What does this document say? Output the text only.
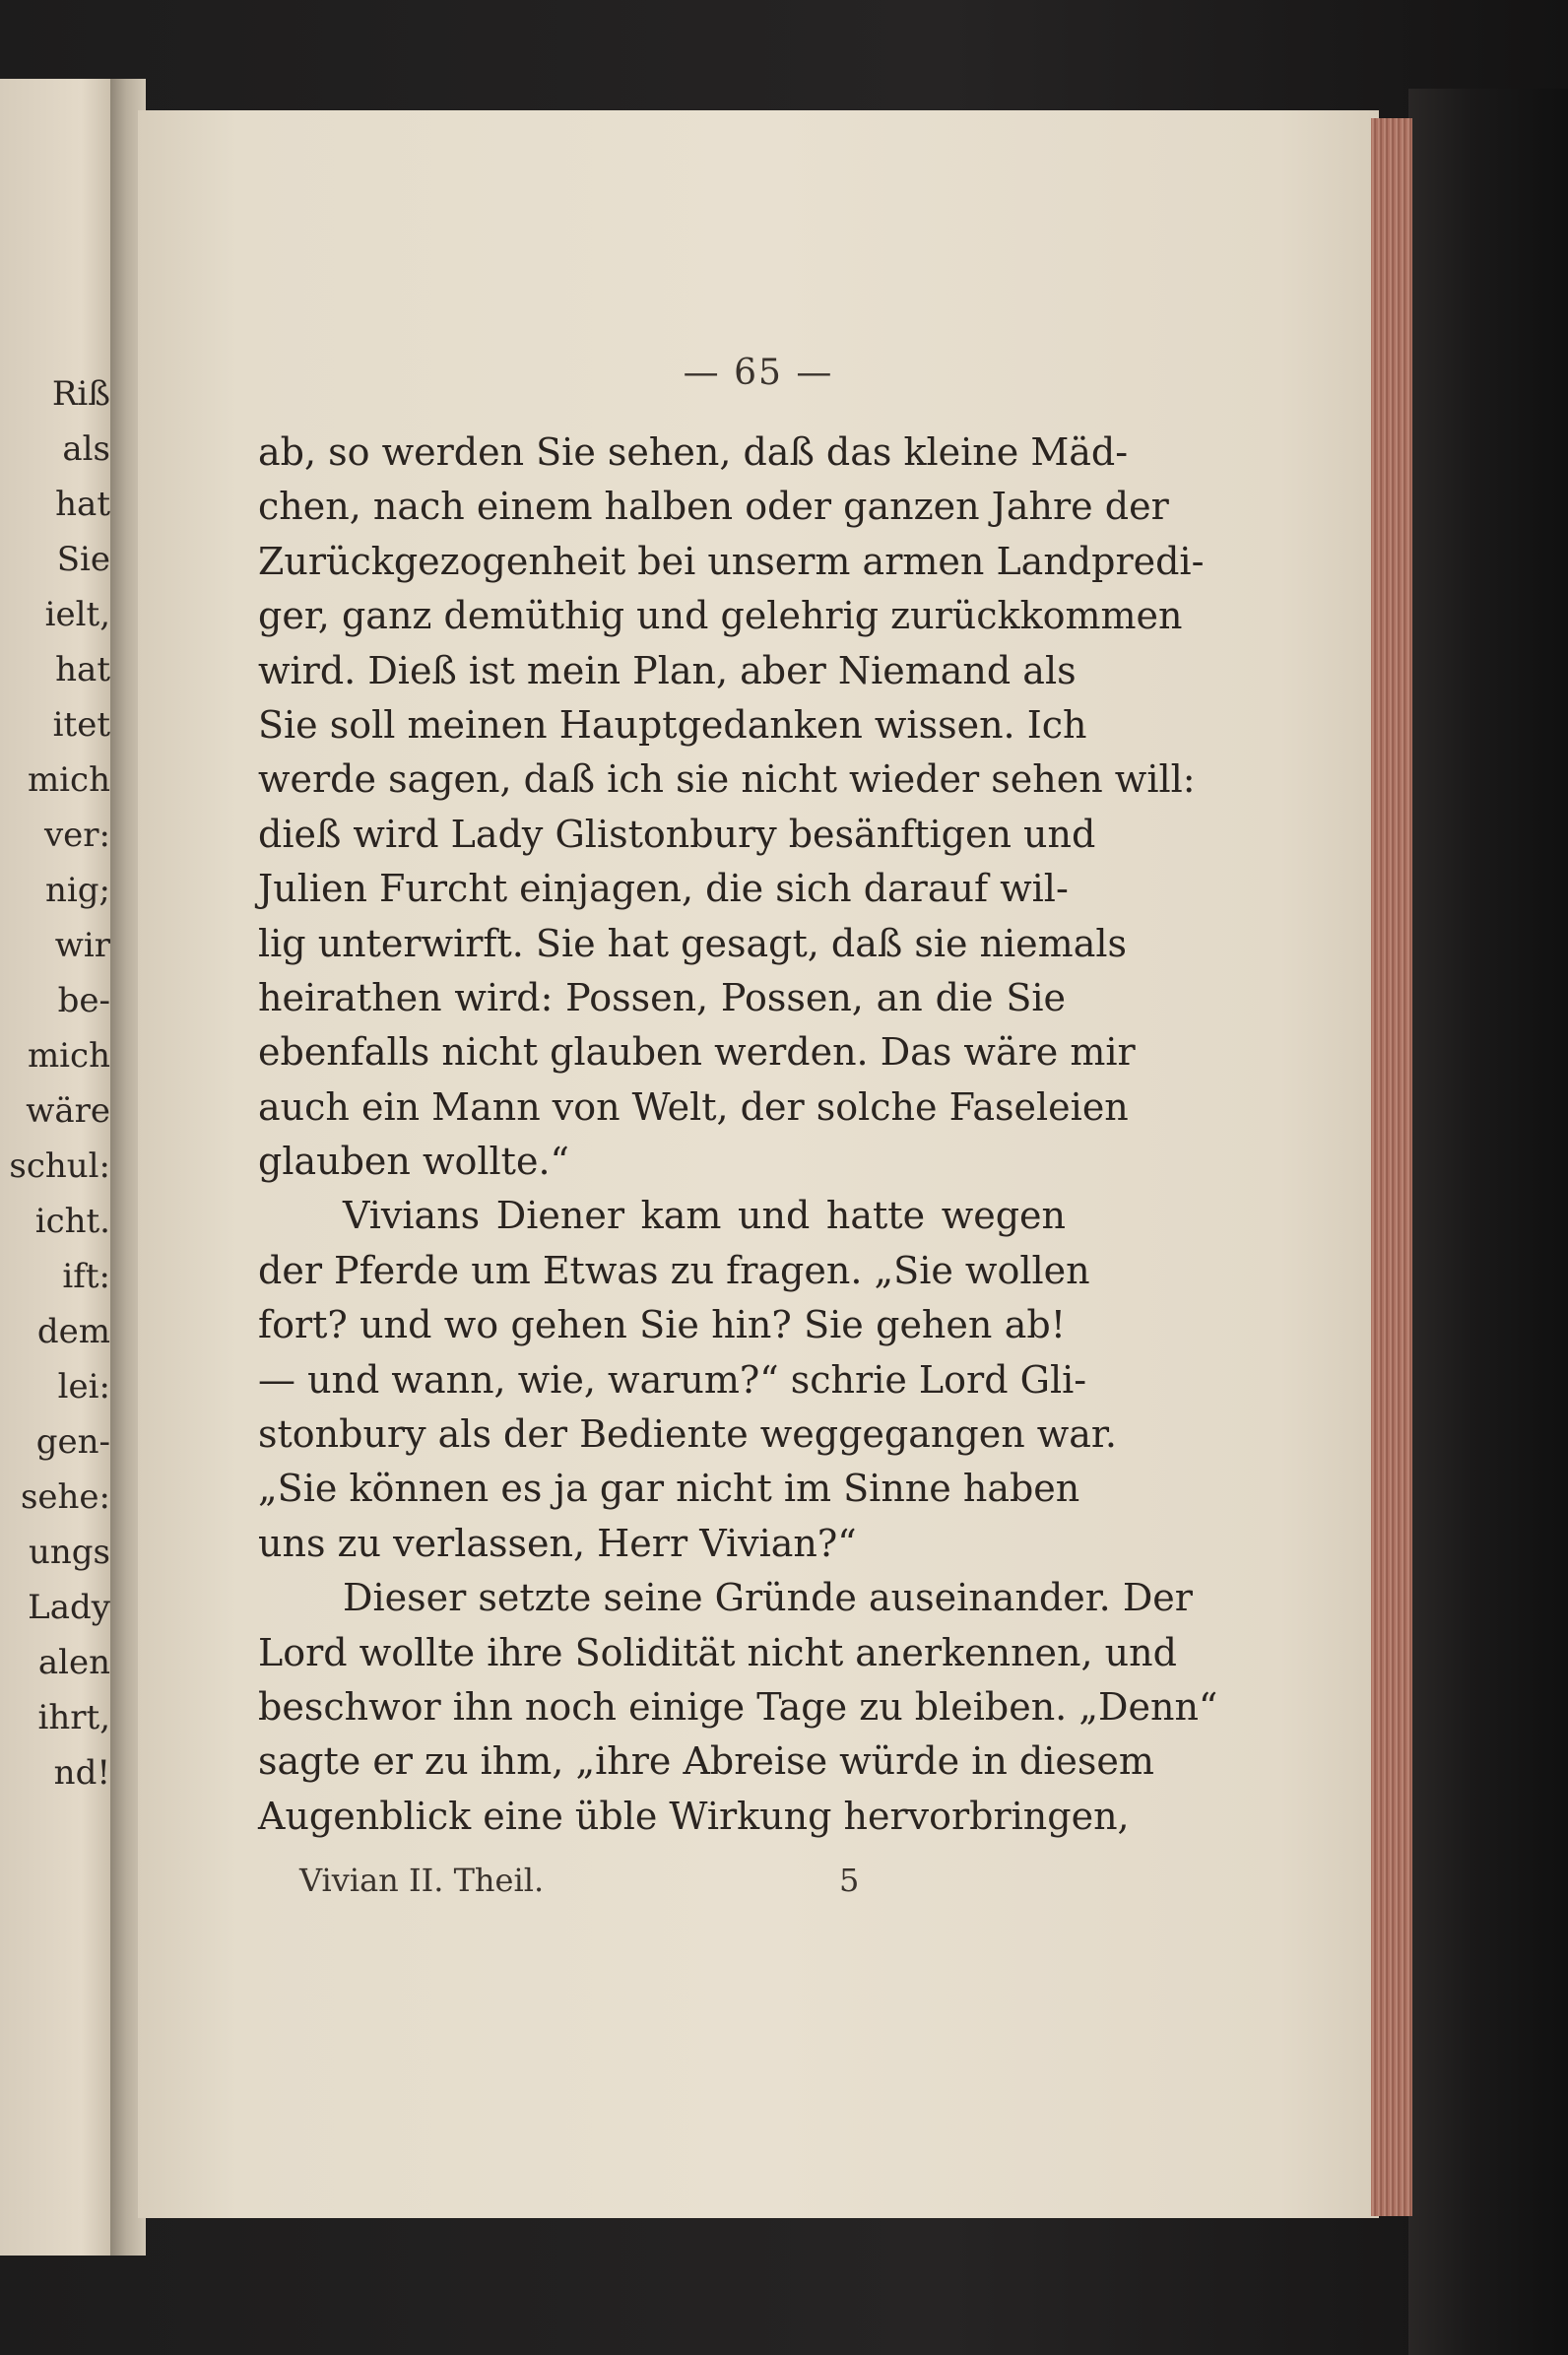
Riß
als
hat
Sie
ielt,
hat
itet
mich
ver:
nig;
wir
be-
mich
wäre
schul:
icht.
ift:
dem
lei:
gen-
sehe:
ungs
Lady
alen
ihrt,
nd!
— 65 —
ab, so werden Sie sehen, daß das kleine Mäd-
chen, nach einem halben oder ganzen Jahre der
Zurückgezogenheit bei unserm armen Landpredi-
ger, ganz demüthig und gelehrig zurückkommen
wird. Dieß ist mein Plan, aber Niemand als
Sie soll meinen Hauptgedanken wissen. Ich
werde sagen, daß ich sie nicht wieder sehen will:
dieß wird Lady Glistonbury besänftigen und
Julien Furcht einjagen, die sich darauf wil-
lig unterwirft. Sie hat gesagt, daß sie niemals
heirathen wird: Possen, Possen, an die Sie
ebenfalls nicht glauben werden. Das wäre mir
auch ein Mann von Welt, der solche Faseleien
glauben wollte.“
Vivians Diener kam und hatte wegen
der Pferde um Etwas zu fragen. „Sie wollen
fort? und wo gehen Sie hin? Sie gehen ab!
— und wann, wie, warum?“ schrie Lord Gli-
stonbury als der Bediente weggegangen war.
„Sie können es ja gar nicht im Sinne haben
uns zu verlassen, Herr Vivian?“
Dieser setzte seine Gründe auseinander. Der
Lord wollte ihre Solidität nicht anerkennen, und
beschwor ihn noch einige Tage zu bleiben. „Denn“
sagte er zu ihm, „ihre Abreise würde in diesem
Augenblick eine üble Wirkung hervorbringen,
Vivian II. Theil.	5
